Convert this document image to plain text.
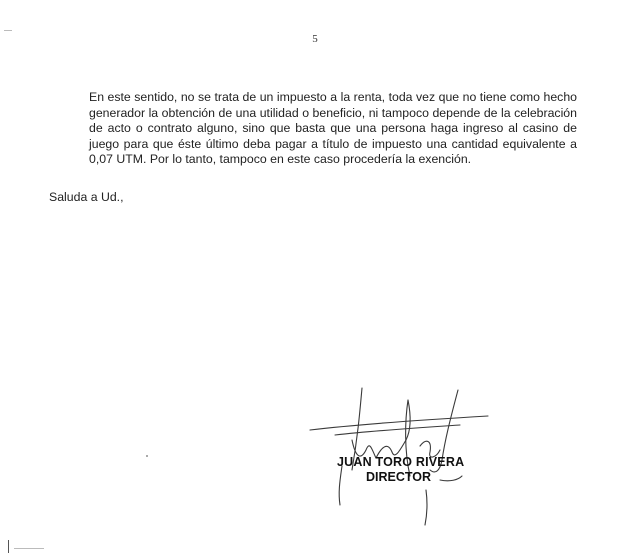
5
En este sentido, no se trata de un impuesto a la renta, toda vez que no tiene como hecho generador la obtención de una utilidad o beneficio, ni tampoco depende de la celebración de acto o contrato alguno, sino que basta que una persona haga ingreso al casino de juego para que éste último deba pagar a título de impuesto una cantidad equivalente a 0,07 UTM. Por lo tanto, tampoco en este caso procedería la exención.
Saluda a Ud.,
JUAN TORO RIVERA
DIRECTOR
